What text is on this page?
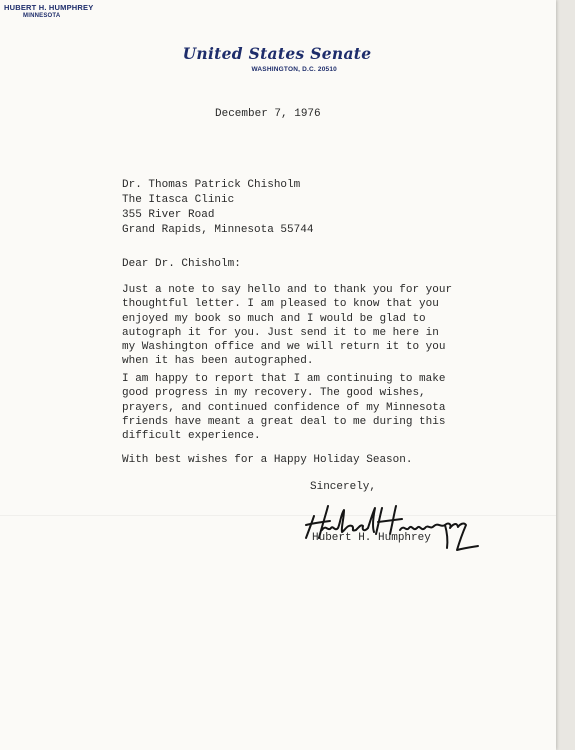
HUBERT H. HUMPHREY
MINNESOTA
United States Senate
WASHINGTON, D.C. 20510
December 7, 1976
Dr. Thomas Patrick Chisholm
The Itasca Clinic
355 River Road
Grand Rapids, Minnesota 55744
Dear Dr. Chisholm:
Just a note to say hello and to thank you for your
thoughtful letter. I am pleased to know that you
enjoyed my book so much and I would be glad to
autograph it for you. Just send it to me here in
my Washington office and we will return it to you
when it has been autographed.
I am happy to report that I am continuing to make
good progress in my recovery. The good wishes,
prayers, and continued confidence of my Minnesota
friends have meant a great deal to me during this
difficult experience.
With best wishes for a Happy Holiday Season.
Sincerely,
Hubert H. Humphrey
